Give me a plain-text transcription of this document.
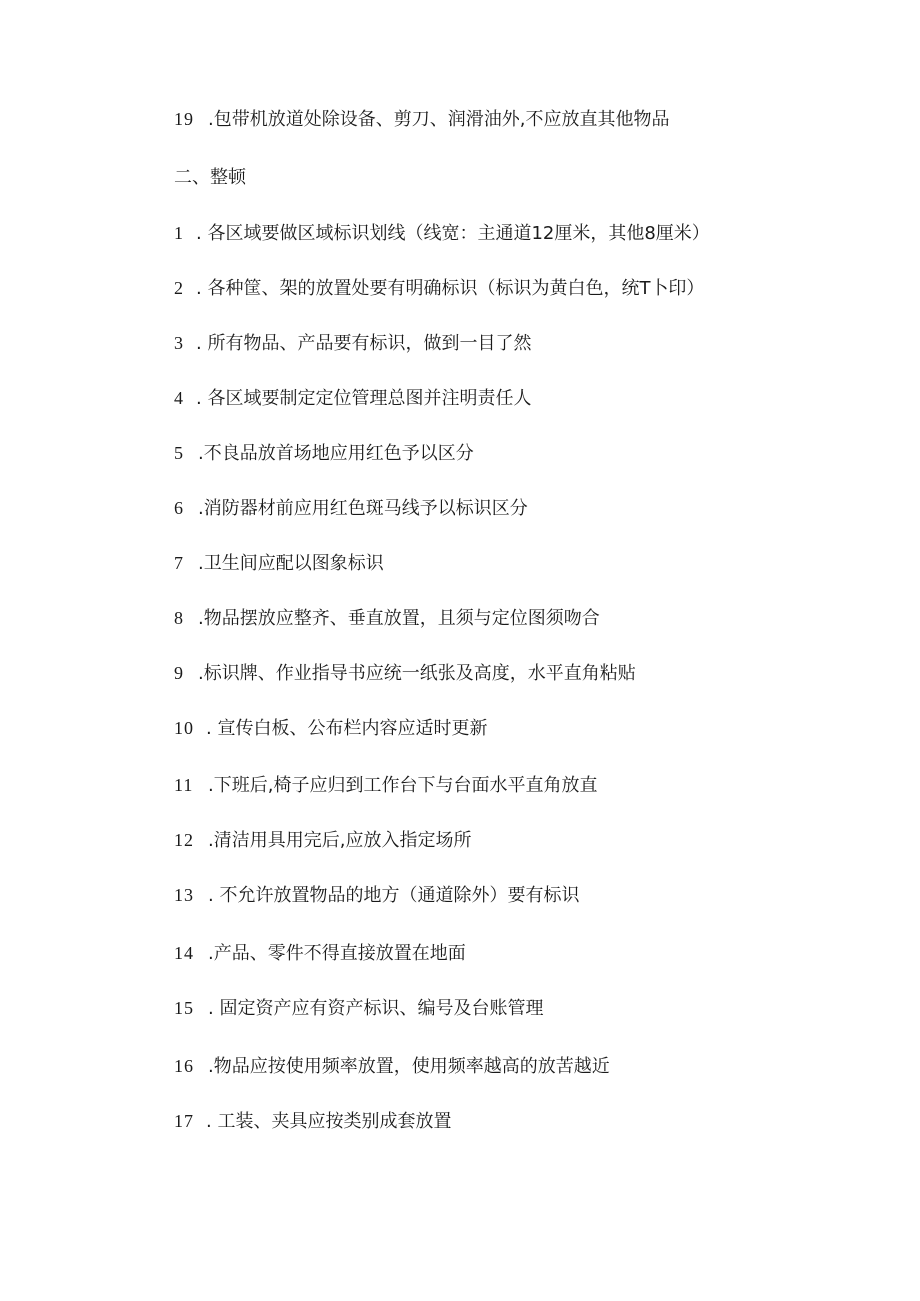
19 .包带机放道处除设备、剪刀、润滑油外,不应放直其他物品
二、整顿
1 . 各区域要做区域标识划线（线宽：主通道12厘米，其他8厘米）
2 . 各种筐、架的放置处要有明确标识（标识为黄白色，统T卜印）
3 . 所有物品、产品要有标识，做到一目了然
4 . 各区域要制定定位管理总图并注明责任人
5 .不良品放首场地应用红色予以区分
6 .消防器材前应用红色斑马线予以标识区分
7 .卫生间应配以图象标识
8 .物品摆放应整齐、垂直放置，且须与定位图须吻合
9 .标识牌、作业指导书应统一纸张及高度，水平直角粘贴
10 . 宣传白板、公布栏内容应适时更新
11 .下班后,椅子应归到工作台下与台面水平直角放直
12 .清洁用具用完后,应放入指定场所
13 . 不允许放置物品的地方（通道除外）要有标识
14 .产品、零件不得直接放置在地面
15 . 固定资产应有资产标识、编号及台账管理
16 .物品应按使用频率放置，使用频率越高的放苦越近
17 . 工装、夹具应按类别成套放置
